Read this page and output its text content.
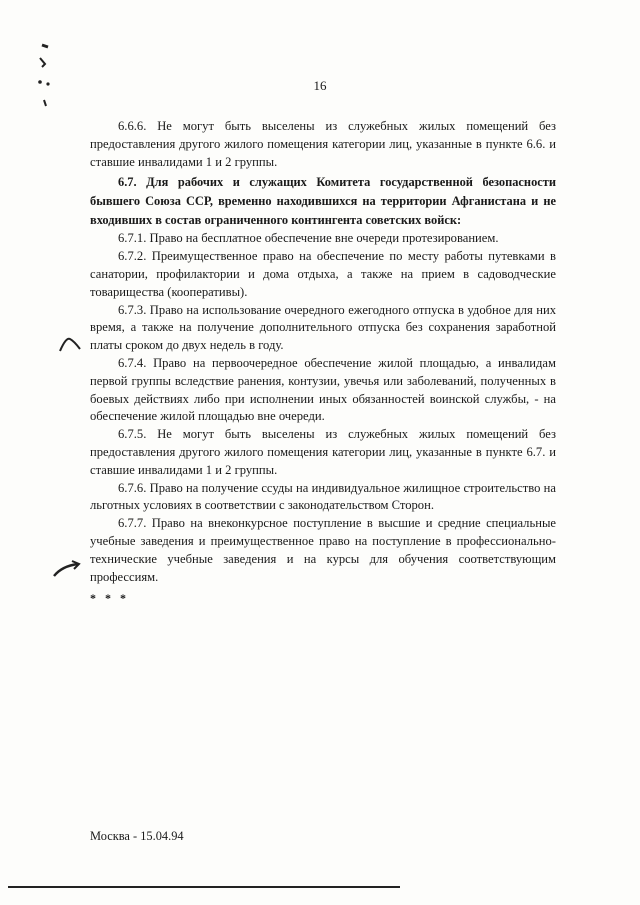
16

6.6.6. Не могут быть выселены из служебных жилых помещений без предоставления другого жилого помещения категории лиц, указанные в пункте 6.6. и ставшие инвалидами 1 и 2 группы.

6.7. Для рабочих и служащих Комитета государственной безопасности бывшего Союза ССР, временно находившихся на территории Афганистана и не входивших в состав ограниченного контингента советских войск:

6.7.1. Право на бесплатное обеспечение вне очереди протезированием.

6.7.2. Преимущественное право на обеспечение по месту работы путевками в санатории, профилактории и дома отдыха, а также на прием в садоводческие товарищества (кооперативы).

6.7.3. Право на использование очередного ежегодного отпуска в удобное для них время, а также на получение дополнительного отпуска без сохранения заработной платы сроком до двух недель в году.

6.7.4. Право на первоочередное обеспечение жилой площадью, а инвалидам первой группы вследствие ранения, контузии, увечья или заболеваний, полученных в боевых действиях либо при исполнении иных обязанностей воинской службы, - на обеспечение жилой площадью вне очереди.

6.7.5. Не могут быть выселены из служебных жилых помещений без предоставления другого жилого помещения категории лиц, указанные в пункте 6.7. и ставшие инвалидами 1 и 2 группы.

6.7.6. Право на получение ссуды на индивидуальное жилищное строительство на льготных условиях в соответствии с законодательством Сторон.

6.7.7. Право на внеконкурсное поступление в высшие и средние специальные учебные заведения и преимущественное право на поступление в профессионально-технические учебные заведения и на курсы для обучения соответствующим профессиям.

* * *

Москва - 15.04.94
